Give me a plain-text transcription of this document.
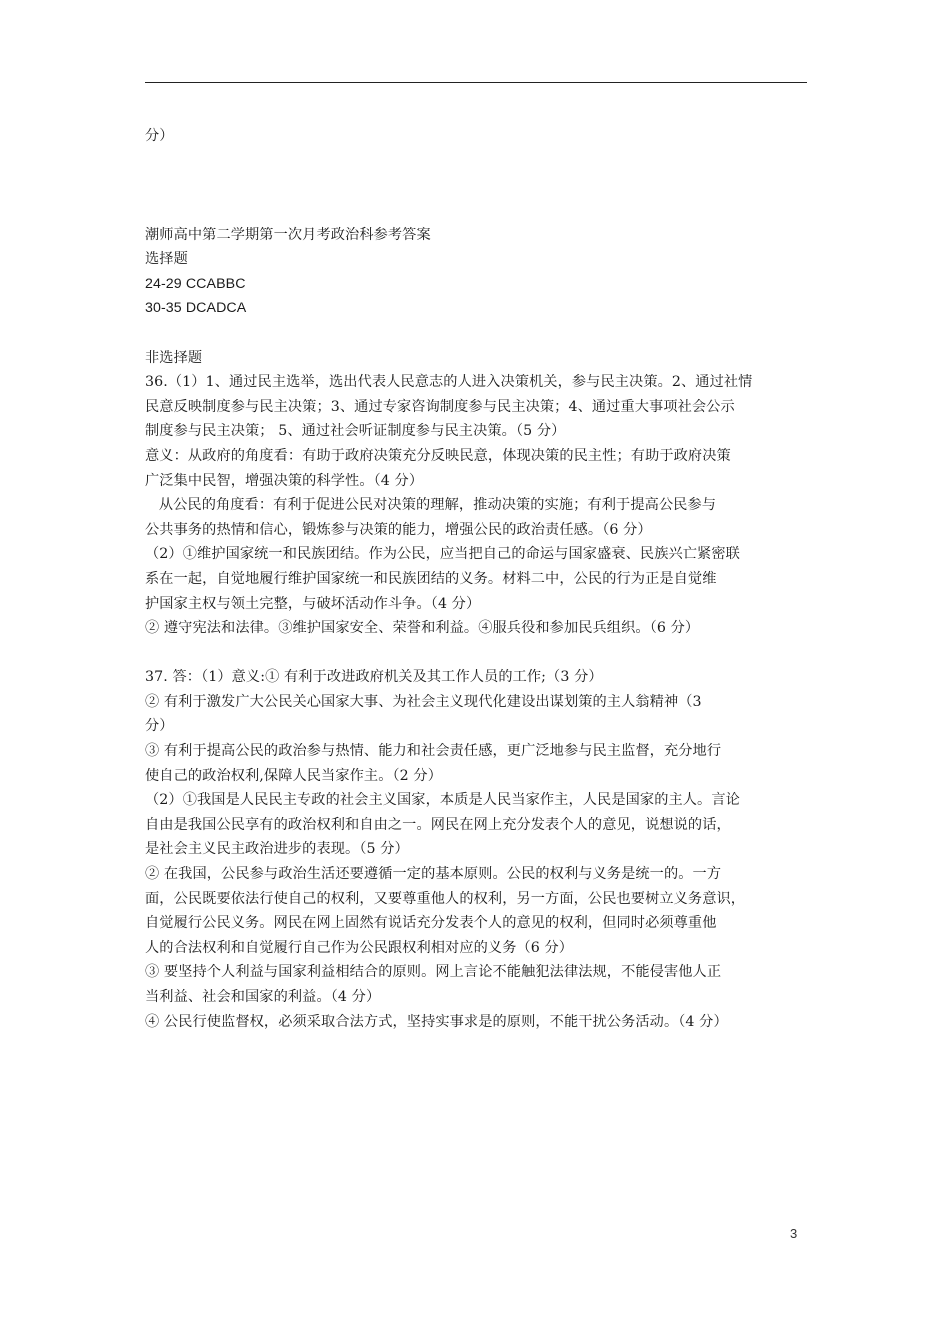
分）
潮师高中第二学期第一次月考政治科参考答案
选择题
24-29 CCABBC
30-35 DCADCA
非选择题
36.（1）1、通过民主选举，选出代表人民意志的人进入决策机关，参与民主决策。2、通过社情
民意反映制度参与民主决策；3、通过专家咨询制度参与民主决策；4、通过重大事项社会公示
制度参与民主决策； 5、通过社会听证制度参与民主决策。（5 分）
意义：从政府的角度看：有助于政府决策充分反映民意，体现决策的民主性；有助于政府决策
广泛集中民智，增强决策的科学性。（4 分）
从公民的角度看：有利于促进公民对决策的理解，推动决策的实施；有利于提高公民参与
公共事务的热情和信心，锻炼参与决策的能力，增强公民的政治责任感。（6 分）
（2）①维护国家统一和民族团结。作为公民，应当把自己的命运与国家盛衰、民族兴亡紧密联
系在一起，自觉地履行维护国家统一和民族团结的义务。材料二中，公民的行为正是自觉维
护国家主权与领土完整，与破坏活动作斗争。（4 分）
② 遵守宪法和法律。③维护国家安全、荣誉和利益。④服兵役和参加民兵组织。（6 分）
37. 答：（1）意义:① 有利于改进政府机关及其工作人员的工作;（3 分）
② 有利于激发广大公民关心国家大事、为社会主义现代化建设出谋划策的主人翁精神（3
分）
③ 有利于提高公民的政治参与热情、能力和社会责任感，更广泛地参与民主监督，充分地行
使自己的政治权利,保障人民当家作主。（2 分）
（2）①我国是人民民主专政的社会主义国家，本质是人民当家作主，人民是国家的主人。言论
自由是我国公民享有的政治权利和自由之一。网民在网上充分发表个人的意见，说想说的话，
是社会主义民主政治进步的表现。（5 分）
② 在我国，公民参与政治生活还要遵循一定的基本原则。公民的权利与义务是统一的。一方
面，公民既要依法行使自己的权利，又要尊重他人的权利，另一方面，公民也要树立义务意识，
自觉履行公民义务。网民在网上固然有说话充分发表个人的意见的权利，但同时必须尊重他
人的合法权利和自觉履行自己作为公民跟权利相对应的义务（6 分）
③ 要坚持个人利益与国家利益相结合的原则。网上言论不能触犯法律法规，不能侵害他人正
当利益、社会和国家的利益。（4 分）
④ 公民行使监督权，必须采取合法方式，坚持实事求是的原则，不能干扰公务活动。（4 分）
3
